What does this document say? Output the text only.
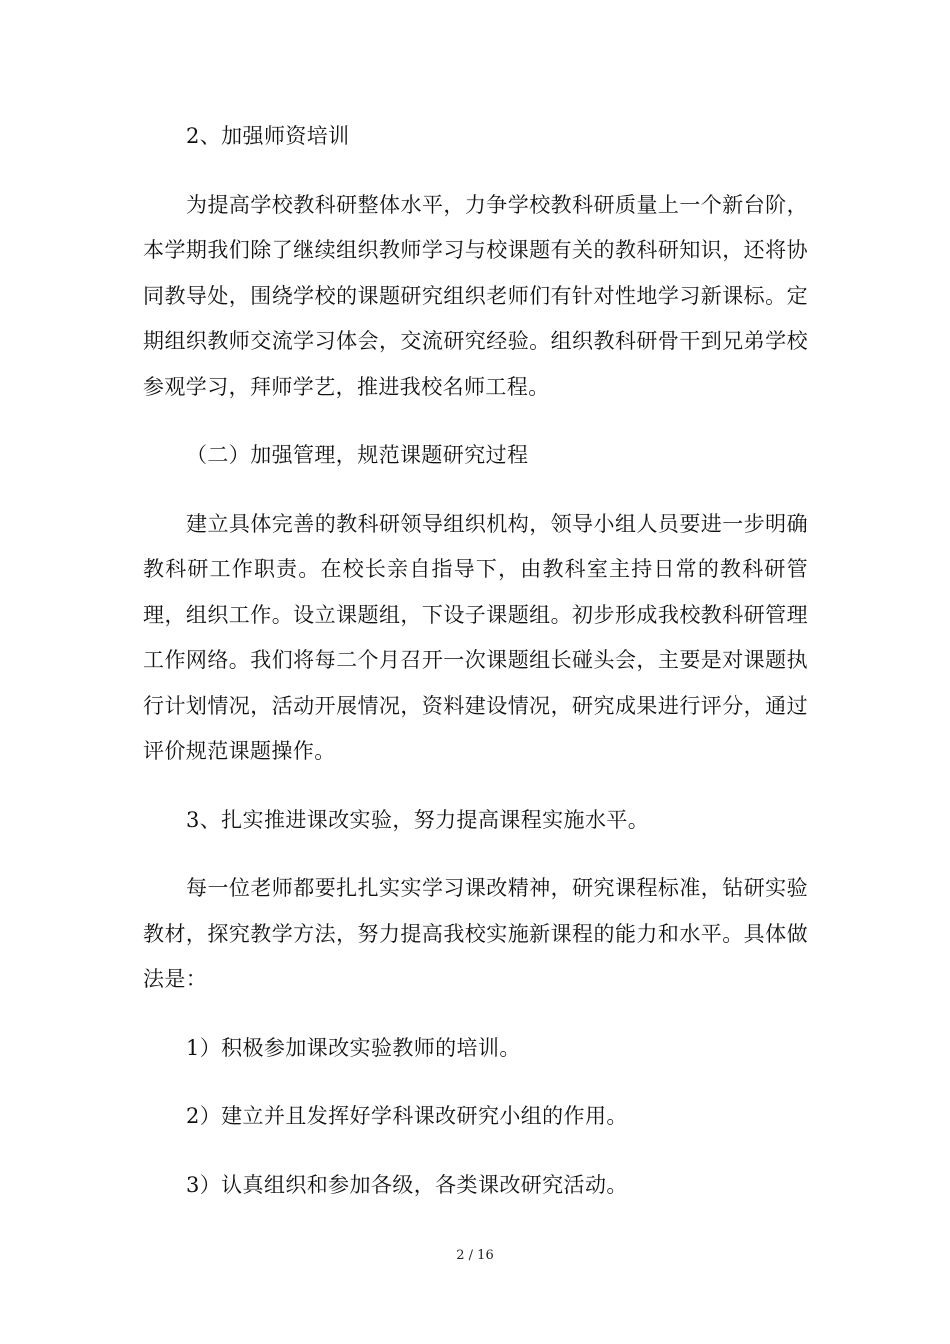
2、加强师资培训

为提高学校教科研整体水平，力争学校教科研质量上一个新台阶，本学期我们除了继续组织教师学习与校课题有关的教科研知识，还将协同教导处，围绕学校的课题研究组织老师们有针对性地学习新课标。定期组织教师交流学习体会，交流研究经验。组织教科研骨干到兄弟学校参观学习，拜师学艺，推进我校名师工程。

（二）加强管理，规范课题研究过程

建立具体完善的教科研领导组织机构，领导小组人员要进一步明确教科研工作职责。在校长亲自指导下，由教科室主持日常的教科研管理，组织工作。设立课题组，下设子课题组。初步形成我校教科研管理工作网络。我们将每二个月召开一次课题组长碰头会，主要是对课题执行计划情况，活动开展情况，资料建设情况，研究成果进行评分，通过评价规范课题操作。

3、扎实推进课改实验，努力提高课程实施水平。

每一位老师都要扎扎实实学习课改精神，研究课程标准，钻研实验教材，探究教学方法，努力提高我校实施新课程的能力和水平。具体做法是：

1）积极参加课改实验教师的培训。

2）建立并且发挥好学科课改研究小组的作用。

3）认真组织和参加各级，各类课改研究活动。

2 / 16
